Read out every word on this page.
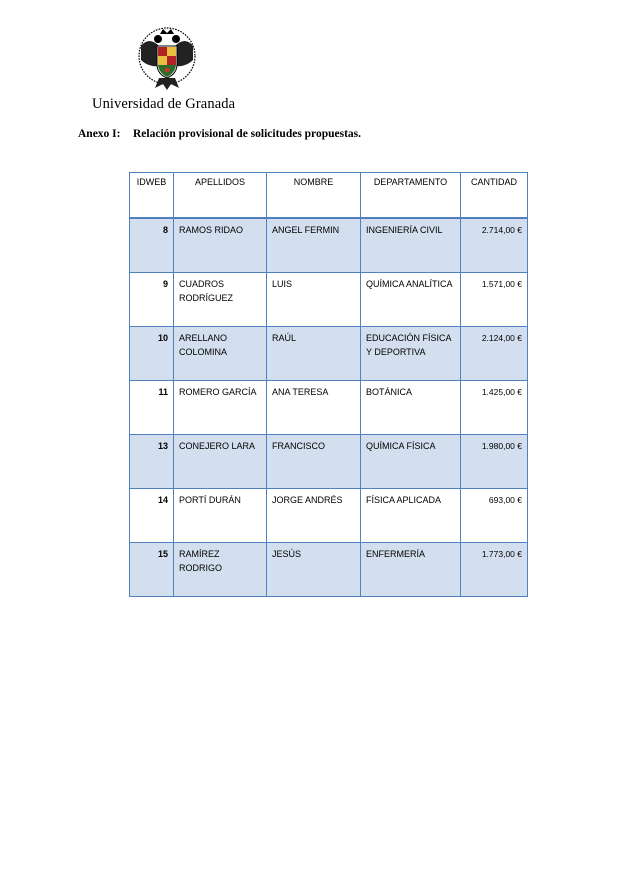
Universidad de Granada
Anexo I: Relación provisional de solicitudes propuestas.
IDWEB	APELLIDOS	NOMBRE	DEPARTAMENTO	CANTIDAD
8	RAMOS RIDAO	ANGEL FERMIN	INGENIERÍA CIVIL	2.714,00 €
9	CUADROS RODRÍGUEZ	LUIS	QUÍMICA ANALÍTICA	1.571,00 €
10	ARELLANO COLOMINA	RAÚL	EDUCACIÓN FÍSICA Y DEPORTIVA	2.124,00 €
11	ROMERO GARCÍA	ANA TERESA	BOTÁNICA	1.425,00 €
13	CONEJERO LARA	FRANCISCO	QUÍMICA FÍSICA	1.980,00 €
14	PORTÍ DURÁN	JORGE ANDRÉS	FÍSICA APLICADA	693,00 €
15	RAMÍREZ RODRIGO	JESÚS	ENFERMERÍA	1.773,00 €
